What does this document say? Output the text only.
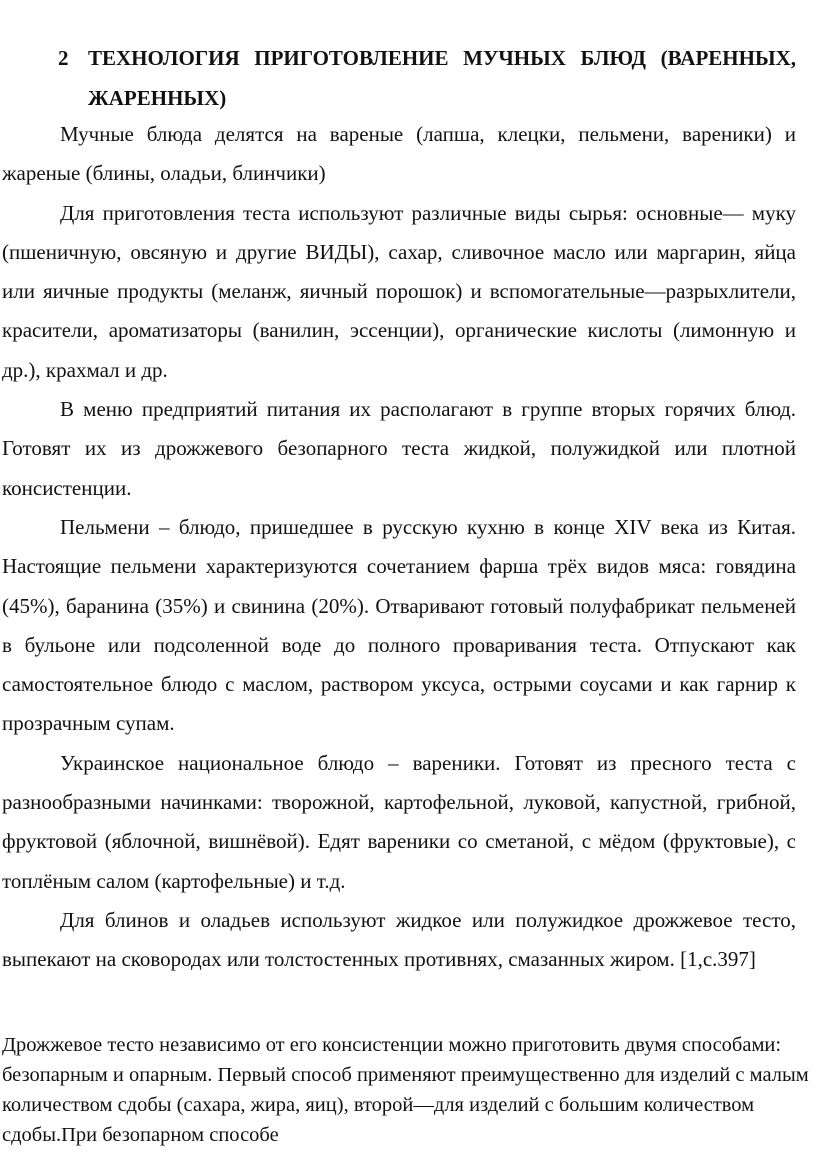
2 ТЕХНОЛОГИЯ ПРИГОТОВЛЕНИЕ МУЧНЫХ БЛЮД (ВАРЕННЫХ, ЖАРЕННЫХ)

Мучные блюда делятся на вареные (лапша, клецки, пельмени, вареники) и жареные (блины, оладьи, блинчики)

Для приготовления теста используют различные виды сырья: основные— муку (пшеничную, овсяную и другие ВИДЫ), сахар, сливочное масло или маргарин, яйца или яичные продукты (меланж, яичный порошок) и вспомогательные—разрыхлители, красители, ароматизаторы (ванилин, эссенции), органические кислоты (лимонную и др.), крахмал и др.

В меню предприятий питания их располагают в группе вторых горячих блюд. Готовят их из дрожжевого безопарного теста жидкой, полужидкой или плотной консистенции.

Пельмени – блюдо, пришедшее в русскую кухню в конце XIV века из Китая. Настоящие пельмени характеризуются сочетанием фарша трёх видов мяса: говядина (45%), баранина (35%) и свинина (20%). Отваривают готовый полуфабрикат пельменей в бульоне или подсоленной воде до полного проваривания теста. Отпускают как самостоятельное блюдо с маслом, раствором уксуса, острыми соусами и как гарнир к прозрачным супам.

Украинское национальное блюдо – вареники. Готовят из пресного теста с разнообразными начинками: творожной, картофельной, луковой, капустной, грибной, фруктовой (яблочной, вишнёвой). Едят вареники со сметаной, с мёдом (фруктовые), с топлёным салом (картофельные) и т.д.

Для блинов и оладьев используют жидкое или полужидкое дрожжевое тесто, выпекают на сковородах или толстостенных противнях, смазанных жиром. [1,с.397]

Дрожжевое тесто независимо от его консистенции можно приготовить двумя способами: безопарным и опарным. Первый способ применяют преимущественно для изделий с малым количеством сдобы (сахара, жира, яиц), второй—для изделий с большим количеством сдобы.При безопарном способе
